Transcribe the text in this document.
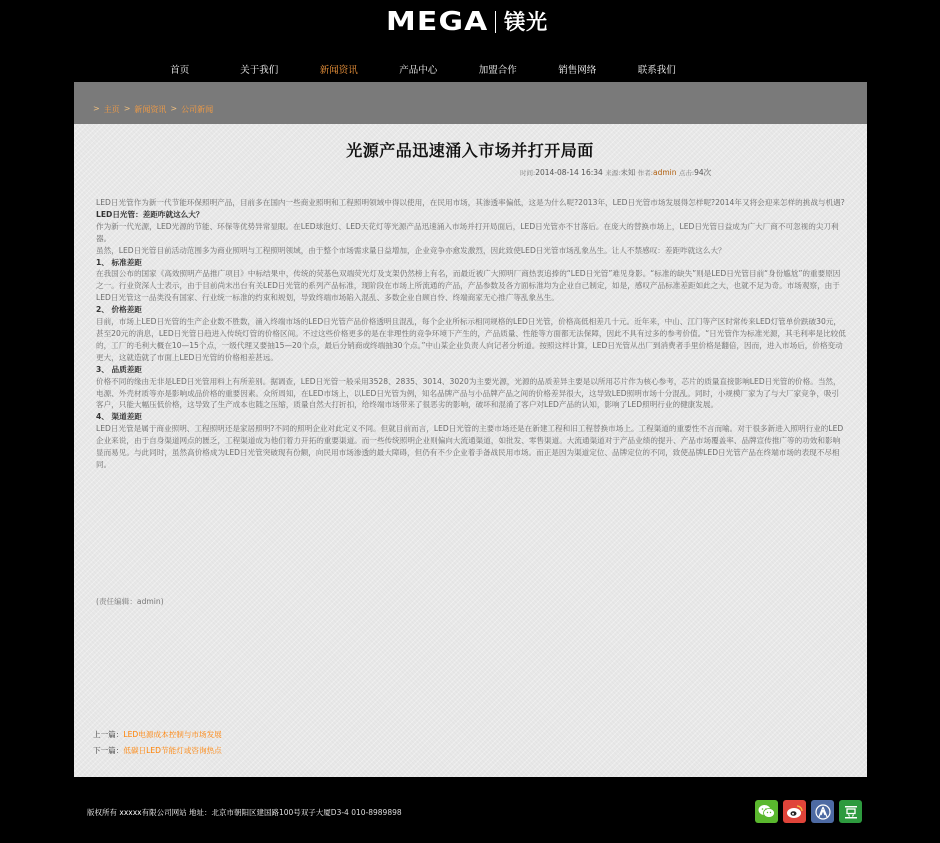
MEGA 镁光
首页	关于我们	新闻资讯	产品中心	加盟合作	销售网络	联系我们
> 主页 > 新闻资讯 > 公司新闻
光源产品迅速涌入市场并打开局面
时间:2014-08-14 16:34 来源:未知 作者:admin 点击:94次

LED日光管作为新一代节能环保照明产品，目前多在国内一些商业照明和工程照明领域中得以使用，在民用市场，其渗透率偏低，这是为什么呢?2013年，LED日光管市场发展得怎样呢?2014年又将会迎来怎样的挑战与机遇?

LED日光管：差距咋就这么大？

作为新一代光源，LED光源的节能、环保等优势异常显眼。在LED球泡灯、LED天花灯等光源产品迅速涌入市场并打开局面后，LED日光管亦不甘落后。在庞大的替换市场上，LED日光管日益成为广大厂商不可忽视的尖刀利器。

虽然，LED日光管目前活动范围多为商业照明与工程照明领域，由于整个市场需求量日益增加，企业竞争亦愈发激烈，因此致使LED日光管市场乱象丛生。让人不禁感叹：差距咋就这么大？

1、 标准差距

在我国公布的国家《高效照明产品推广项目》中标结果中，传统的荧基色双端荧光灯及支架仍然榜上有名，而最近被广大照明厂商热衷追捧的“LED日光管”难见身影。“标准的缺失”则是LED日光管目前“身份尴尬”的重要原因之一。行业资深人士表示，由于目前尚未出台有关LED日光管的系列产品标准，现阶段在市场上所流通的产品，产品参数及各方面标准均为企业自己制定，如是，感叹产品标准差距如此之大，也就不足为奇。市场观察，由于LED日光管这一品类没有国家、行业统一标准的约束和规划，导致终端市场陷入混乱、多数企业自顾自怜、终端商家无心推广等乱象丛生。

2、 价格差距

目前，市场上LED日光管的生产企业数不胜数，涌入终端市场的LED日光管产品价格透明且混乱，每个企业所标示相同规格的LED日光管，价格高低相差几十元。近年来，中山、江门等产区时常传来LED灯管单价跌破30元，甚至20元的消息，LED日光管日趋进入传统灯管的价格区间。不过这些价格更多的是在非理性的竞争环境下产生的，产品质量、性能等方面都无法保障，因此不具有过多的参考价值。“日光管作为标准光源，其毛利率是比较低的，工厂的毛利大概在10—15个点，一级代理又要抽15—20个点，最后分销商或终端抽30个点。”中山某企业负责人向记者分析道。按照这样计算，LED日光管从出厂到消费者手里价格是翻倍，因而，进入市场后，价格变动更大，这就造就了市面上LED日光管的价格相差甚远。

3、 品质差距

价格不同的缘由无非是LED日光管用料上有所差别。据调查，LED日光管一般采用3528、2835、3014、3020为主要光源，光源的品质差异主要是以所用芯片作为核心参考，芯片的质量直接影响LED日光管的价格。当然，电源、外壳材质等亦是影响成品价格的重要因素。众所周知，在LED市场上，以LED日光管为例，知名品牌产品与小品牌产品之间的价格差异很大，这导致LED照明市场十分混乱。同时，小规模厂家为了与大厂家竞争，吸引客户，只能大幅压低价格，这导致了生产成本也随之压缩，质量自然大打折扣，给终端市场带来了很恶劣的影响，破坏和混淆了客户对LED产品的认知，影响了LED照明行业的健康发展。

4、 渠道差距

LED日光管是属于商业照明、工程照明还是家居照明?不同的照明企业对此定义不同。但就目前而言，LED日光管的主要市场还是在新建工程和旧工程替换市场上。工程渠道的重要性不言而喻。对于很多新进入照明行业的LED企业来说，由于自身渠道网点的匮乏，工程渠道成为他们着力开拓的重要渠道。而一些传统照明企业则偏向大流通渠道，如批发、零售渠道。大流通渠道对于产品业绩的提升、产品市场覆盖率、品牌宣传推广等的功效和影响显而易见。与此同时，虽然高价格成为LED日光管突破现有份额，向民用市场渗透的最大障碍，但仍有不少企业着手备战民用市场。而正是因为渠道定位、品牌定位的不同，致使品牌LED日光管产品在终端市场的表现不尽相同。

(责任编辑：admin)
上一篇：LED电源成本控制与市场发展
下一篇：低碳日LED节能灯或咨询热点
版权所有 xxxxx有限公司网站 地址：北京市朝阳区建国路100号双子大厦D3-4 010-8989898
